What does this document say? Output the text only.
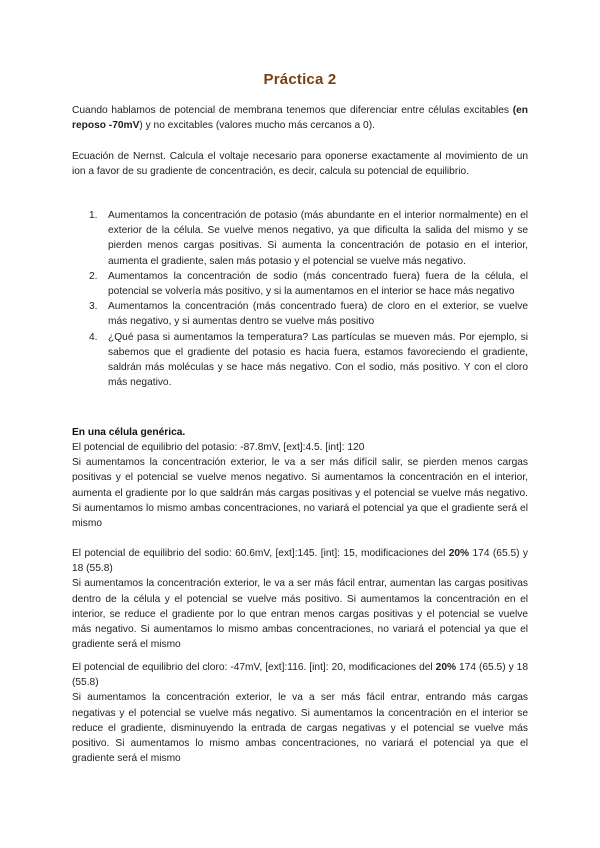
Práctica 2

Cuando hablamos de potencial de membrana tenemos que diferenciar entre células excitables (en reposo -70mV) y no excitables (valores mucho más cercanos a 0).

Ecuación de Nernst. Calcula el voltaje necesario para oponerse exactamente al movimiento de un ion a favor de su gradiente de concentración, es decir, calcula su potencial de equilibrio.

1. Aumentamos la concentración de potasio (más abundante en el interior normalmente) en el exterior de la célula. Se vuelve menos negativo, ya que dificulta la salida del mismo y se pierden menos cargas positivas. Si aumenta la concentración de potasio en el interior, aumenta el gradiente, salen más potasio y el potencial se vuelve más negativo.
2. Aumentamos la concentración de sodio (más concentrado fuera) fuera de la célula, el potencial se volvería más positivo, y si la aumentamos en el interior se hace más negativo
3. Aumentamos la concentración (más concentrado fuera) de cloro en el exterior, se vuelve más negativo, y si aumentas dentro se vuelve más positivo
4. ¿Qué pasa si aumentamos la temperatura? Las partículas se mueven más. Por ejemplo, si sabemos que el gradiente del potasio es hacia fuera, estamos favoreciendo el gradiente, saldrán más moléculas y se hace más negativo. Con el sodio, más positivo. Y con el cloro más negativo.
En una célula genérica.
El potencial de equilibrio del potasio: -87.8mV, [ext]:4.5. [int]: 120
Si aumentamos la concentración exterior, le va a ser más difícil salir, se pierden menos cargas positivas y el potencial se vuelve menos negativo. Si aumentamos la concentración en el interior, aumenta el gradiente por lo que saldrán más cargas positivas y el potencial se vuelve más negativo. Si aumentamos lo mismo ambas concentraciones, no variará el potencial ya que el gradiente será el mismo
El potencial de equilibrio del sodio: 60.6mV, [ext]:145. [int]: 15, modificaciones del 20% 174 (65.5) y 18 (55.8)
Si aumentamos la concentración exterior, le va a ser más fácil entrar, aumentan las cargas positivas dentro de la célula y el potencial se vuelve más positivo. Si aumentamos la concentración en el interior, se reduce el gradiente por lo que entran menos cargas positivas y el potencial se vuelve más negativo. Si aumentamos lo mismo ambas concentraciones, no variará el potencial ya que el gradiente será el mismo
El potencial de equilibrio del cloro: -47mV, [ext]:116. [int]: 20, modificaciones del 20% 174 (65.5) y 18 (55.8)
Si aumentamos la concentración exterior, le va a ser más fácil entrar, entrando más cargas negativas y el potencial se vuelve más negativo. Si aumentamos la concentración en el interior se reduce el gradiente, disminuyendo la entrada de cargas negativas y el potencial se vuelve más positivo. Si aumentamos lo mismo ambas concentraciones, no variará el potencial ya que el gradiente será el mismo
